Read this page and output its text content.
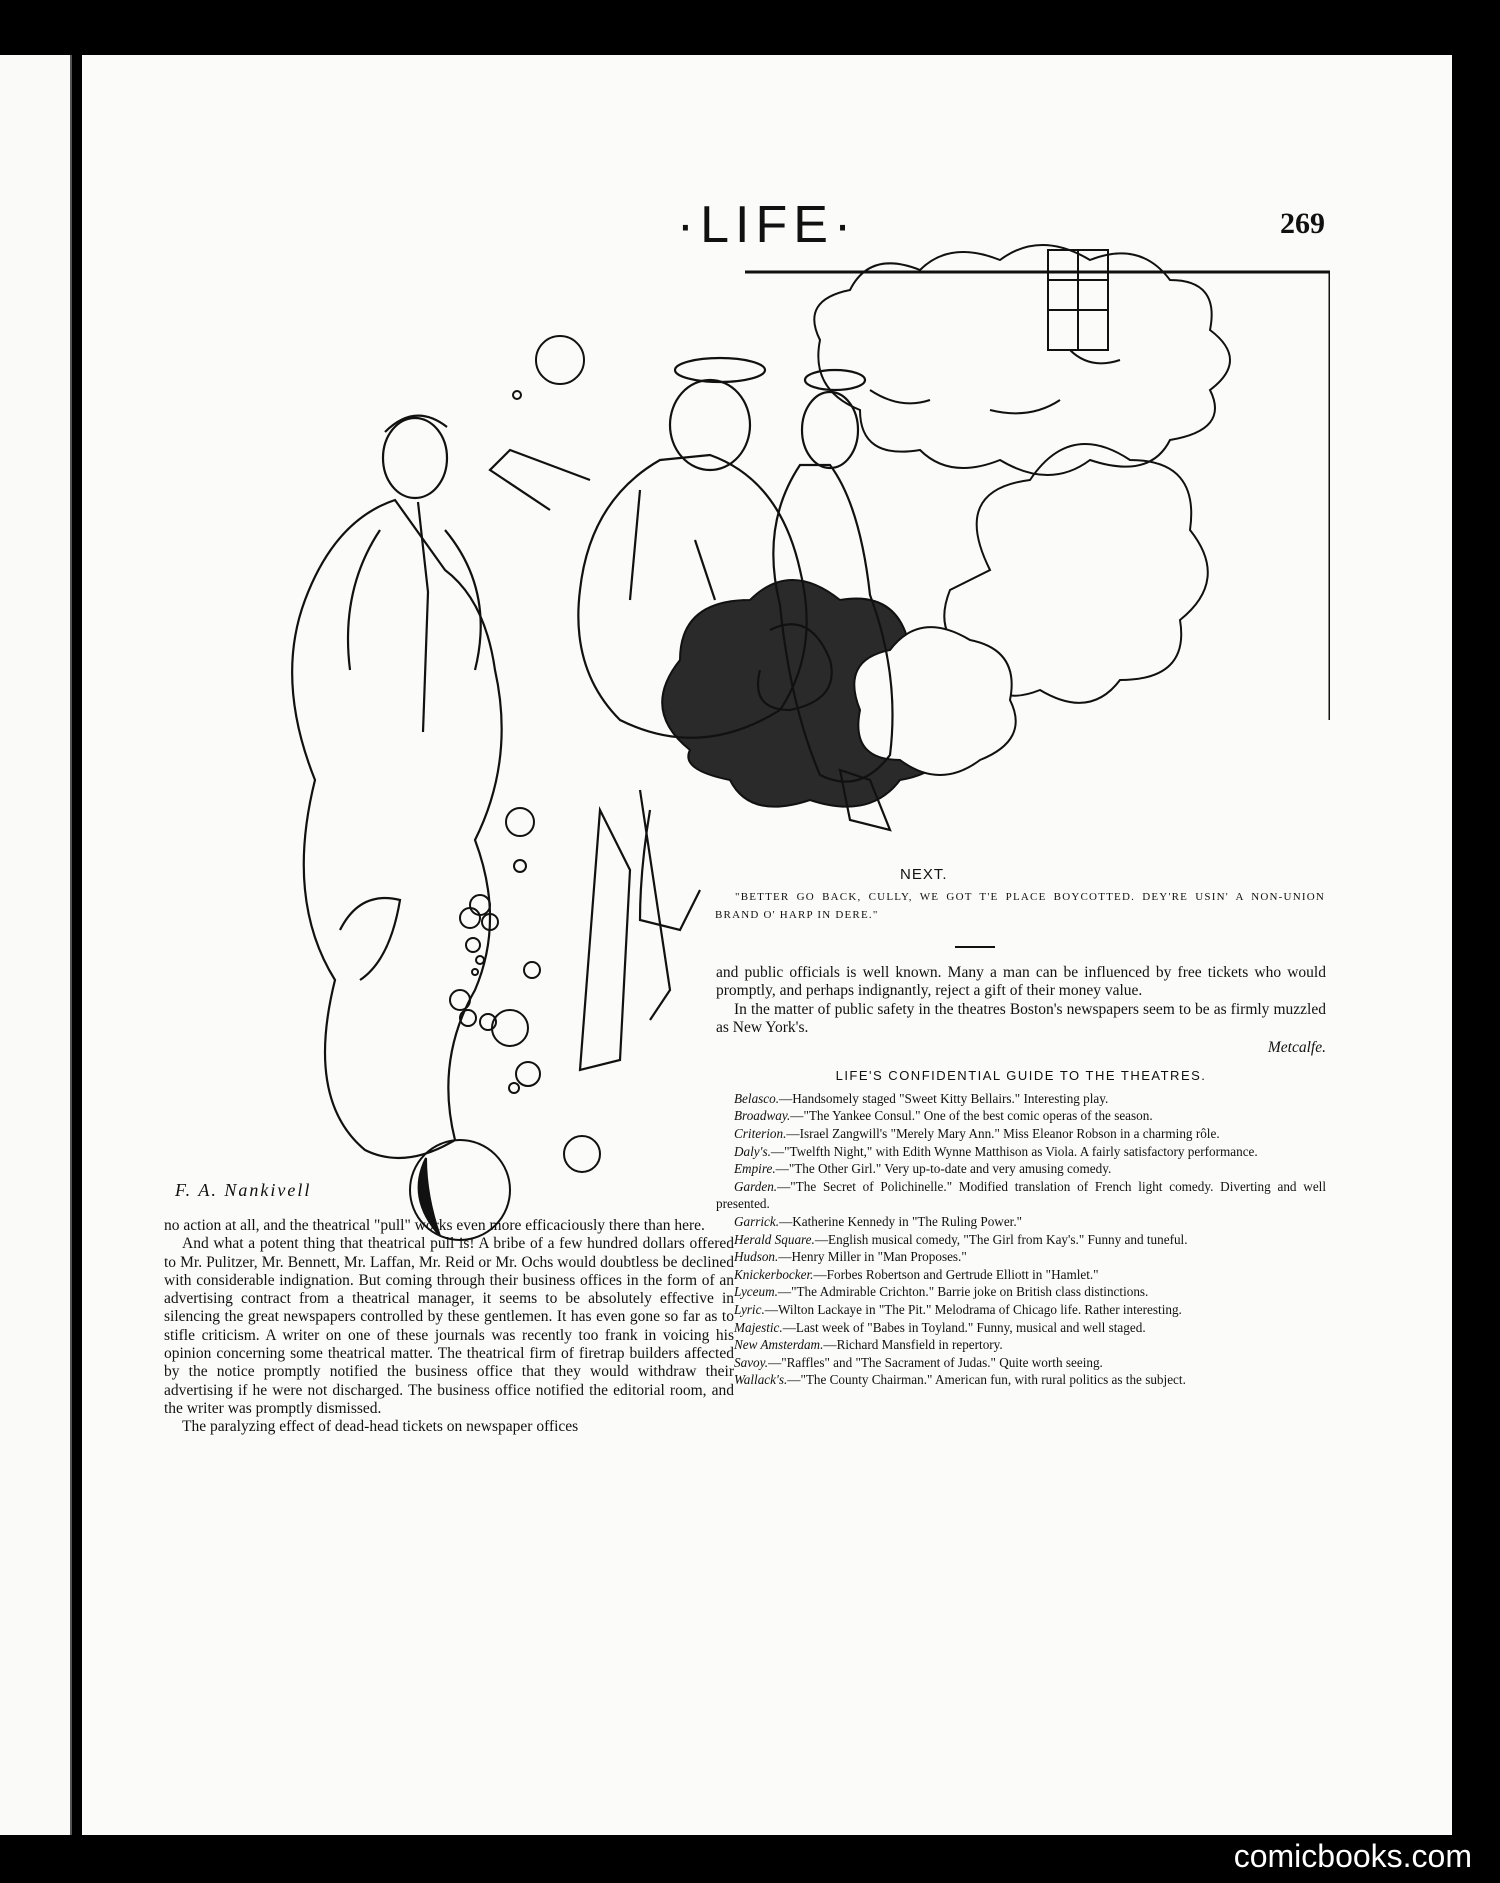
·LIFE·	269
F. A. Nankivell
NEXT.
"BETTER GO BACK, CULLY, WE GOT T'E PLACE BOYCOTTED. DEY'RE USIN' A NON-UNION BRAND O' HARP IN DERE."

no action at all, and the theatrical "pull" works even more efficaciously there than here.

And what a potent thing that theatrical pull is! A bribe of a few hundred dollars offered to Mr. Pulitzer, Mr. Bennett, Mr. Laffan, Mr. Reid or Mr. Ochs would doubtless be declined with considerable indignation. But coming through their business offices in the form of an advertising contract from a theatrical manager, it seems to be absolutely effective in silencing the great newspapers controlled by these gentlemen. It has even gone so far as to stifle criticism. A writer on one of these journals was recently too frank in voicing his opinion concerning some theatrical matter. The theatrical firm of firetrap builders affected by the notice promptly notified the business office that they would withdraw their advertising if he were not discharged. The business office notified the editorial room, and the writer was promptly dismissed.

The paralyzing effect of dead-head tickets on newspaper offices

and public officials is well known. Many a man can be influenced by free tickets who would promptly, and perhaps indignantly, reject a gift of their money value.

In the matter of public safety in the theatres Boston's newspapers seem to be as firmly muzzled as New York's.

Metcalfe.

LIFE'S CONFIDENTIAL GUIDE TO THE THEATRES.

Belasco.—Handsomely staged "Sweet Kitty Bellairs." Interesting play.

Broadway.—"The Yankee Consul." One of the best comic operas of the season.

Criterion.—Israel Zangwill's "Merely Mary Ann." Miss Eleanor Robson in a charming rôle.

Daly's.—"Twelfth Night," with Edith Wynne Matthison as Viola. A fairly satisfactory performance.

Empire.—"The Other Girl." Very up-to-date and very amusing comedy.

Garden.—"The Secret of Polichinelle." Modified translation of French light comedy. Diverting and well presented.

Garrick.—Katherine Kennedy in "The Ruling Power."

Herald Square.—English musical comedy, "The Girl from Kay's." Funny and tuneful.

Hudson.—Henry Miller in "Man Proposes."

Knickerbocker.—Forbes Robertson and Gertrude Elliott in "Hamlet."

Lyceum.—"The Admirable Crichton." Barrie joke on British class distinctions.

Lyric.—Wilton Lackaye in "The Pit." Melodrama of Chicago life. Rather interesting.

Majestic.—Last week of "Babes in Toyland." Funny, musical and well staged.

New Amsterdam.—Richard Mansfield in repertory.

Savoy.—"Raffles" and "The Sacrament of Judas." Quite worth seeing.

Wallack's.—"The County Chairman." American fun, with rural politics as the subject.

comicbooks.com
